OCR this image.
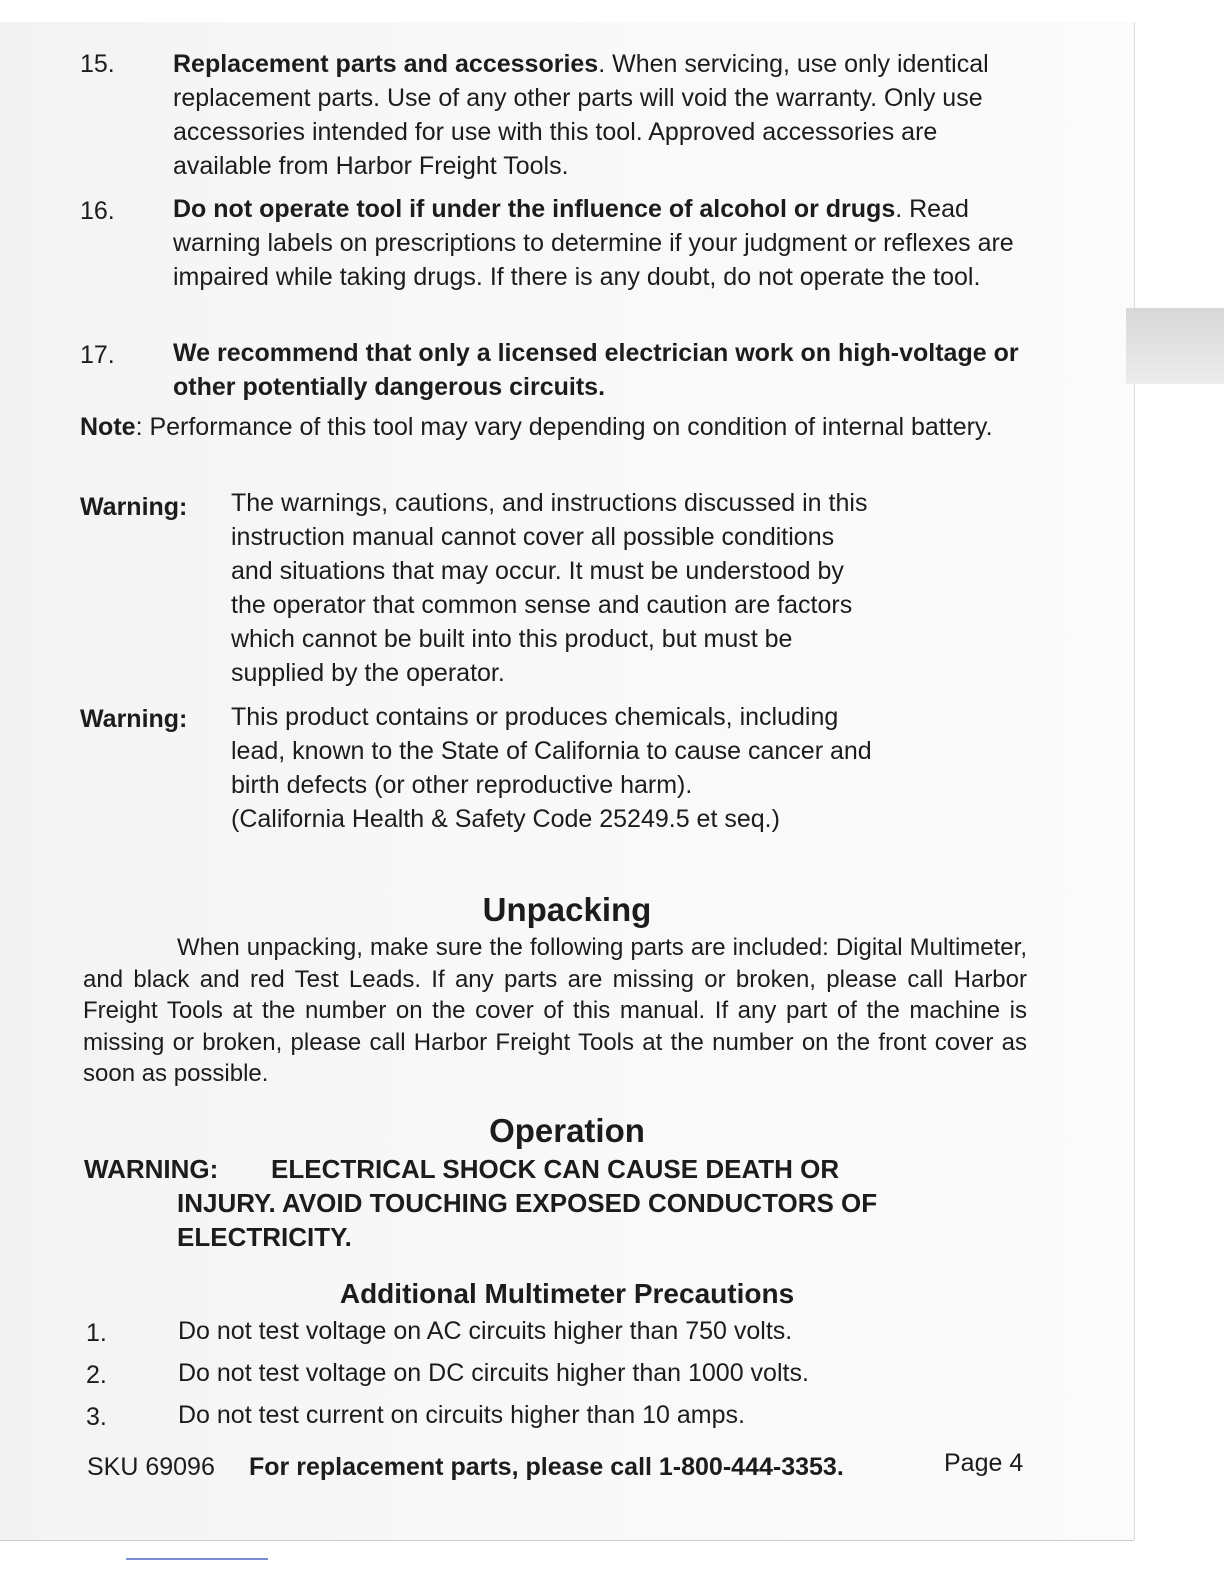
15.	Replacement parts and accessories. When servicing, use only identical replacement parts. Use of any other parts will void the warranty. Only use accessories intended for use with this tool. Approved accessories are available from Harbor Freight Tools.
16.	Do not operate tool if under the influence of alcohol or drugs. Read warning labels on prescriptions to determine if your judgment or reflexes are impaired while taking drugs. If there is any doubt, do not operate the tool.
17.	We recommend that only a licensed electrician work on high-voltage or other potentially dangerous circuits.
Note: Performance of this tool may vary depending on condition of internal battery.
Warning: The warnings, cautions, and instructions discussed in this instruction manual cannot cover all possible conditions and situations that may occur. It must be understood by the operator that common sense and caution are factors which cannot be built into this product, but must be supplied by the operator.
Warning: This product contains or produces chemicals, including lead, known to the State of California to cause cancer and birth defects (or other reproductive harm).
(California Health & Safety Code 25249.5 et seq.)
Unpacking
When unpacking, make sure the following parts are included: Digital Multimeter, and black and red Test Leads. If any parts are missing or broken, please call Harbor Freight Tools at the number on the cover of this manual. If any part of the machine is missing or broken, please call Harbor Freight Tools at the number on the front cover as soon as possible.
Operation
WARNING: ELECTRICAL SHOCK CAN CAUSE DEATH OR
INJURY. AVOID TOUCHING EXPOSED CONDUCTORS OF ELECTRICITY.
Additional Multimeter Precautions
1.	Do not test voltage on AC circuits higher than 750 volts.
2.	Do not test voltage on DC circuits higher than 1000 volts.
3.	Do not test current on circuits higher than 10 amps.
SKU 69096 For replacement parts, please call 1-800-444-3353.	Page 4
